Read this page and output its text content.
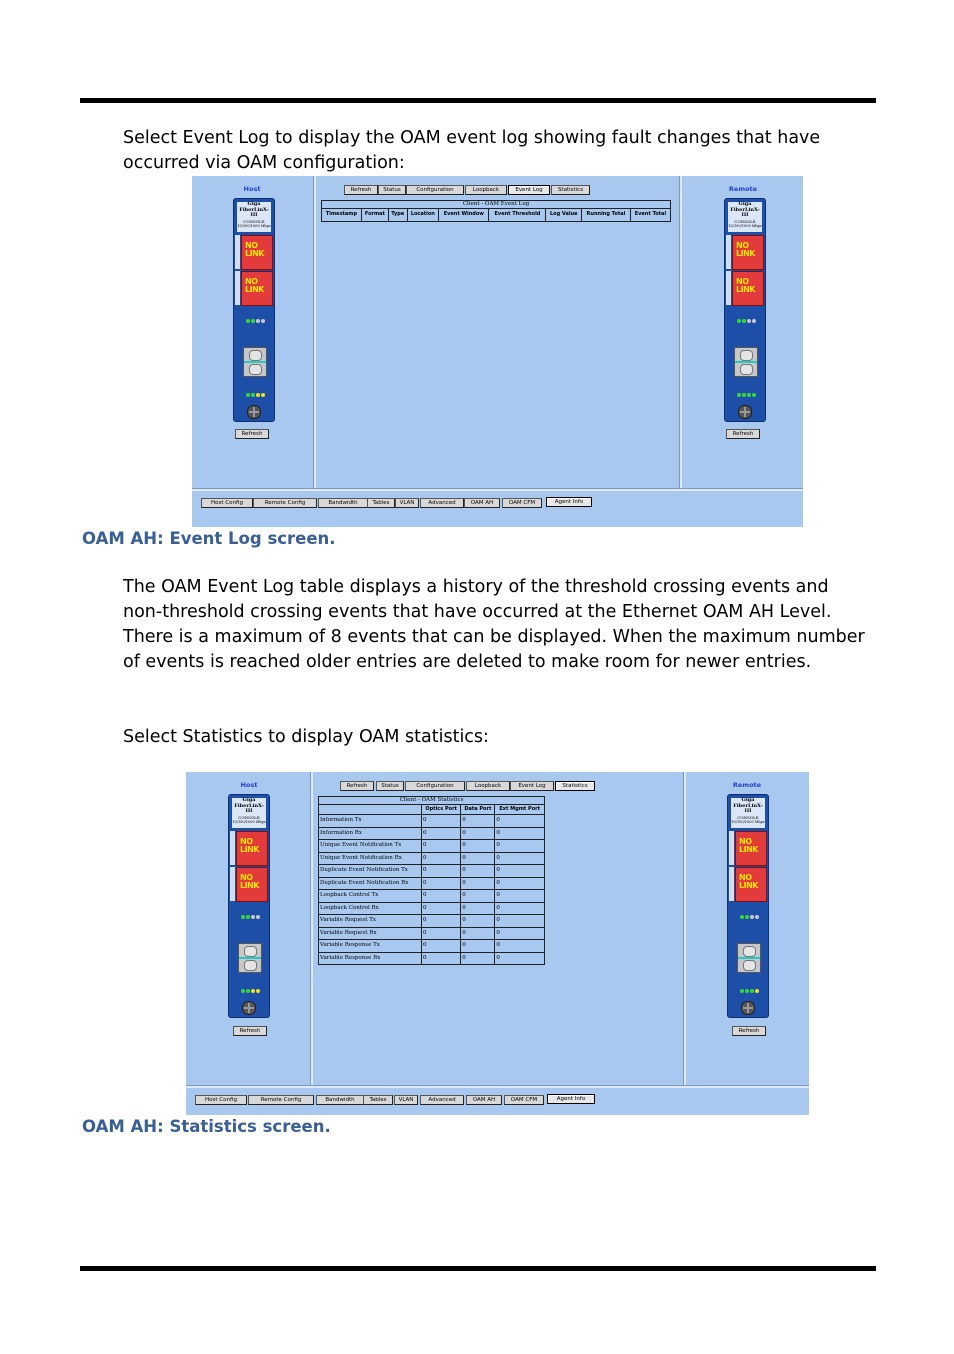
Select Event Log to display the OAM event log showing fault changes that have occurred via OAM configuration:

Host	Remote
Giga
FiberLinX-III
CONSOLE
10/100/1000 Mbps
NO LINK
NO LINK
Refresh
Giga
FiberLinX-III
CONSOLE
10/100/1000 Mbps
NO LINK
NO LINK
Refresh
Refresh	Status	Configuration	Loopback	Event Log	Statistics
Client - OAM Event Log
Timestamp	Format	Type	Location	Event Window	Event Threshold	Log Value	Running Total	Event Total
Host Config	Remote Config	Bandwidth	Tables	VLAN	Advanced	OAM AH	OAM CFM	Agent Info

OAM AH: Event Log screen.

The OAM Event Log table displays a history of the threshold crossing events and non-threshold crossing events that have occurred at the Ethernet OAM AH Level. There is a maximum of 8 events that can be displayed. When the maximum number of events is reached older entries are deleted to make room for newer entries.

Select Statistics to display OAM statistics:

Host	Remote
Giga
FiberLinX-III
CONSOLE
10/100/1000 Mbps
NO LINK
NO LINK
Refresh
Giga
FiberLinX-III
CONSOLE
10/100/1000 Mbps
NO LINK
NO LINK
Refresh
Refresh	Status	Configuration	Loopback	Event Log	Statistics
Client - OAM Statistics			
	Optics Port	Data Port	Ext Mgmt Port
Information Tx	0	0	0
Information Rx	0	0	0
Unique Event Notification Tx	0	0	0
Unique Event Notification Rx	0	0	0
Duplicate Event Notification Tx	0	0	0
Duplicate Event Notification Rx	0	0	0
Loopback Control Tx	0	0	0
Loopback Control Rx	0	0	0
Variable Request Tx	0	0	0
Variable Request Rx	0	0	0
Variable Response Tx	0	0	0
Variable Response Rx	0	0	0
Host Config	Remote Config	Bandwidth	Tables	VLAN	Advanced	OAM AH	OAM CFM	Agent Info

OAM AH: Statistics screen.
